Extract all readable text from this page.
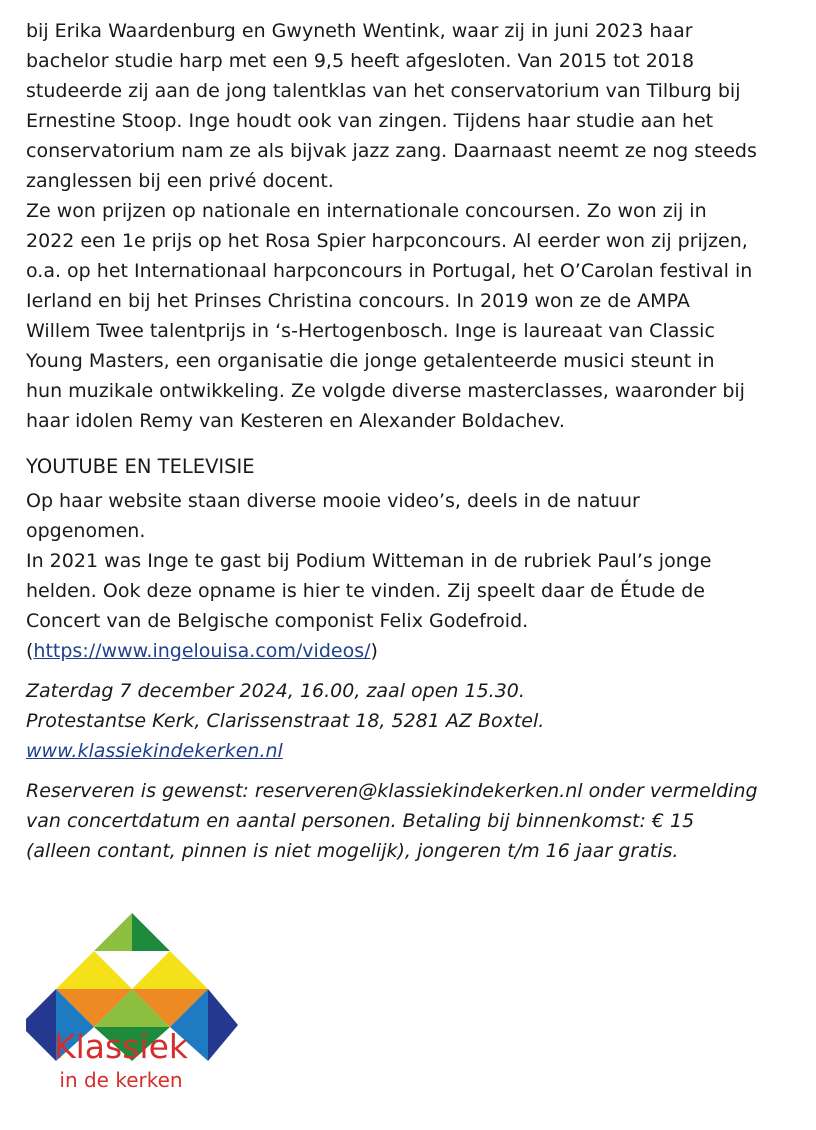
bij Erika Waardenburg en Gwyneth Wentink, waar zij in juni 2023 haar
bachelor studie harp met een 9,5 heeft afgesloten. Van 2015 tot 2018
studeerde zij aan de jong talentklas van het conservatorium van Tilburg bij
Ernestine Stoop. Inge houdt ook van zingen. Tijdens haar studie aan het
conservatorium nam ze als bijvak jazz zang. Daarnaast neemt ze nog steeds
zanglessen bij een privé docent.

Ze won prijzen op nationale en internationale concoursen. Zo won zij in
2022 een 1e prijs op het Rosa Spier harpconcours. Al eerder won zij prijzen,
o.a. op het Internationaal harpconcours in Portugal, het O’Carolan festival in
Ierland en bij het Prinses Christina concours. In 2019 won ze de AMPA
Willem Twee talentprijs in ‘s-Hertogenbosch. Inge is laureaat van Classic
Young Masters, een organisatie die jonge getalenteerde musici steunt in
hun muzikale ontwikkeling. Ze volgde diverse masterclasses, waaronder bij
haar idolen Remy van Kesteren en Alexander Boldachev.

YOUTUBE EN TELEVISIE

Op haar website staan diverse mooie video’s, deels in de natuur
opgenomen.

In 2021 was Inge te gast bij Podium Witteman in de rubriek Paul’s jonge
helden. Ook deze opname is hier te vinden. Zij speelt daar de Étude de
Concert van de Belgische componist Felix Godefroid.
(https://www.ingelouisa.com/videos/)

Zaterdag 7 december 2024, 16.00, zaal open 15.30.
Protestantse Kerk, Clarissenstraat 18, 5281 AZ Boxtel.
www.klassiekindekerken.nl

Reserveren is gewenst: reserveren@klassiekindekerken.nl onder vermelding
van concertdatum en aantal personen. Betaling bij binnenkomst: € 15
(alleen contant, pinnen is niet mogelijk), jongeren t/m 16 jaar gratis.

Klassiek
in de kerken
